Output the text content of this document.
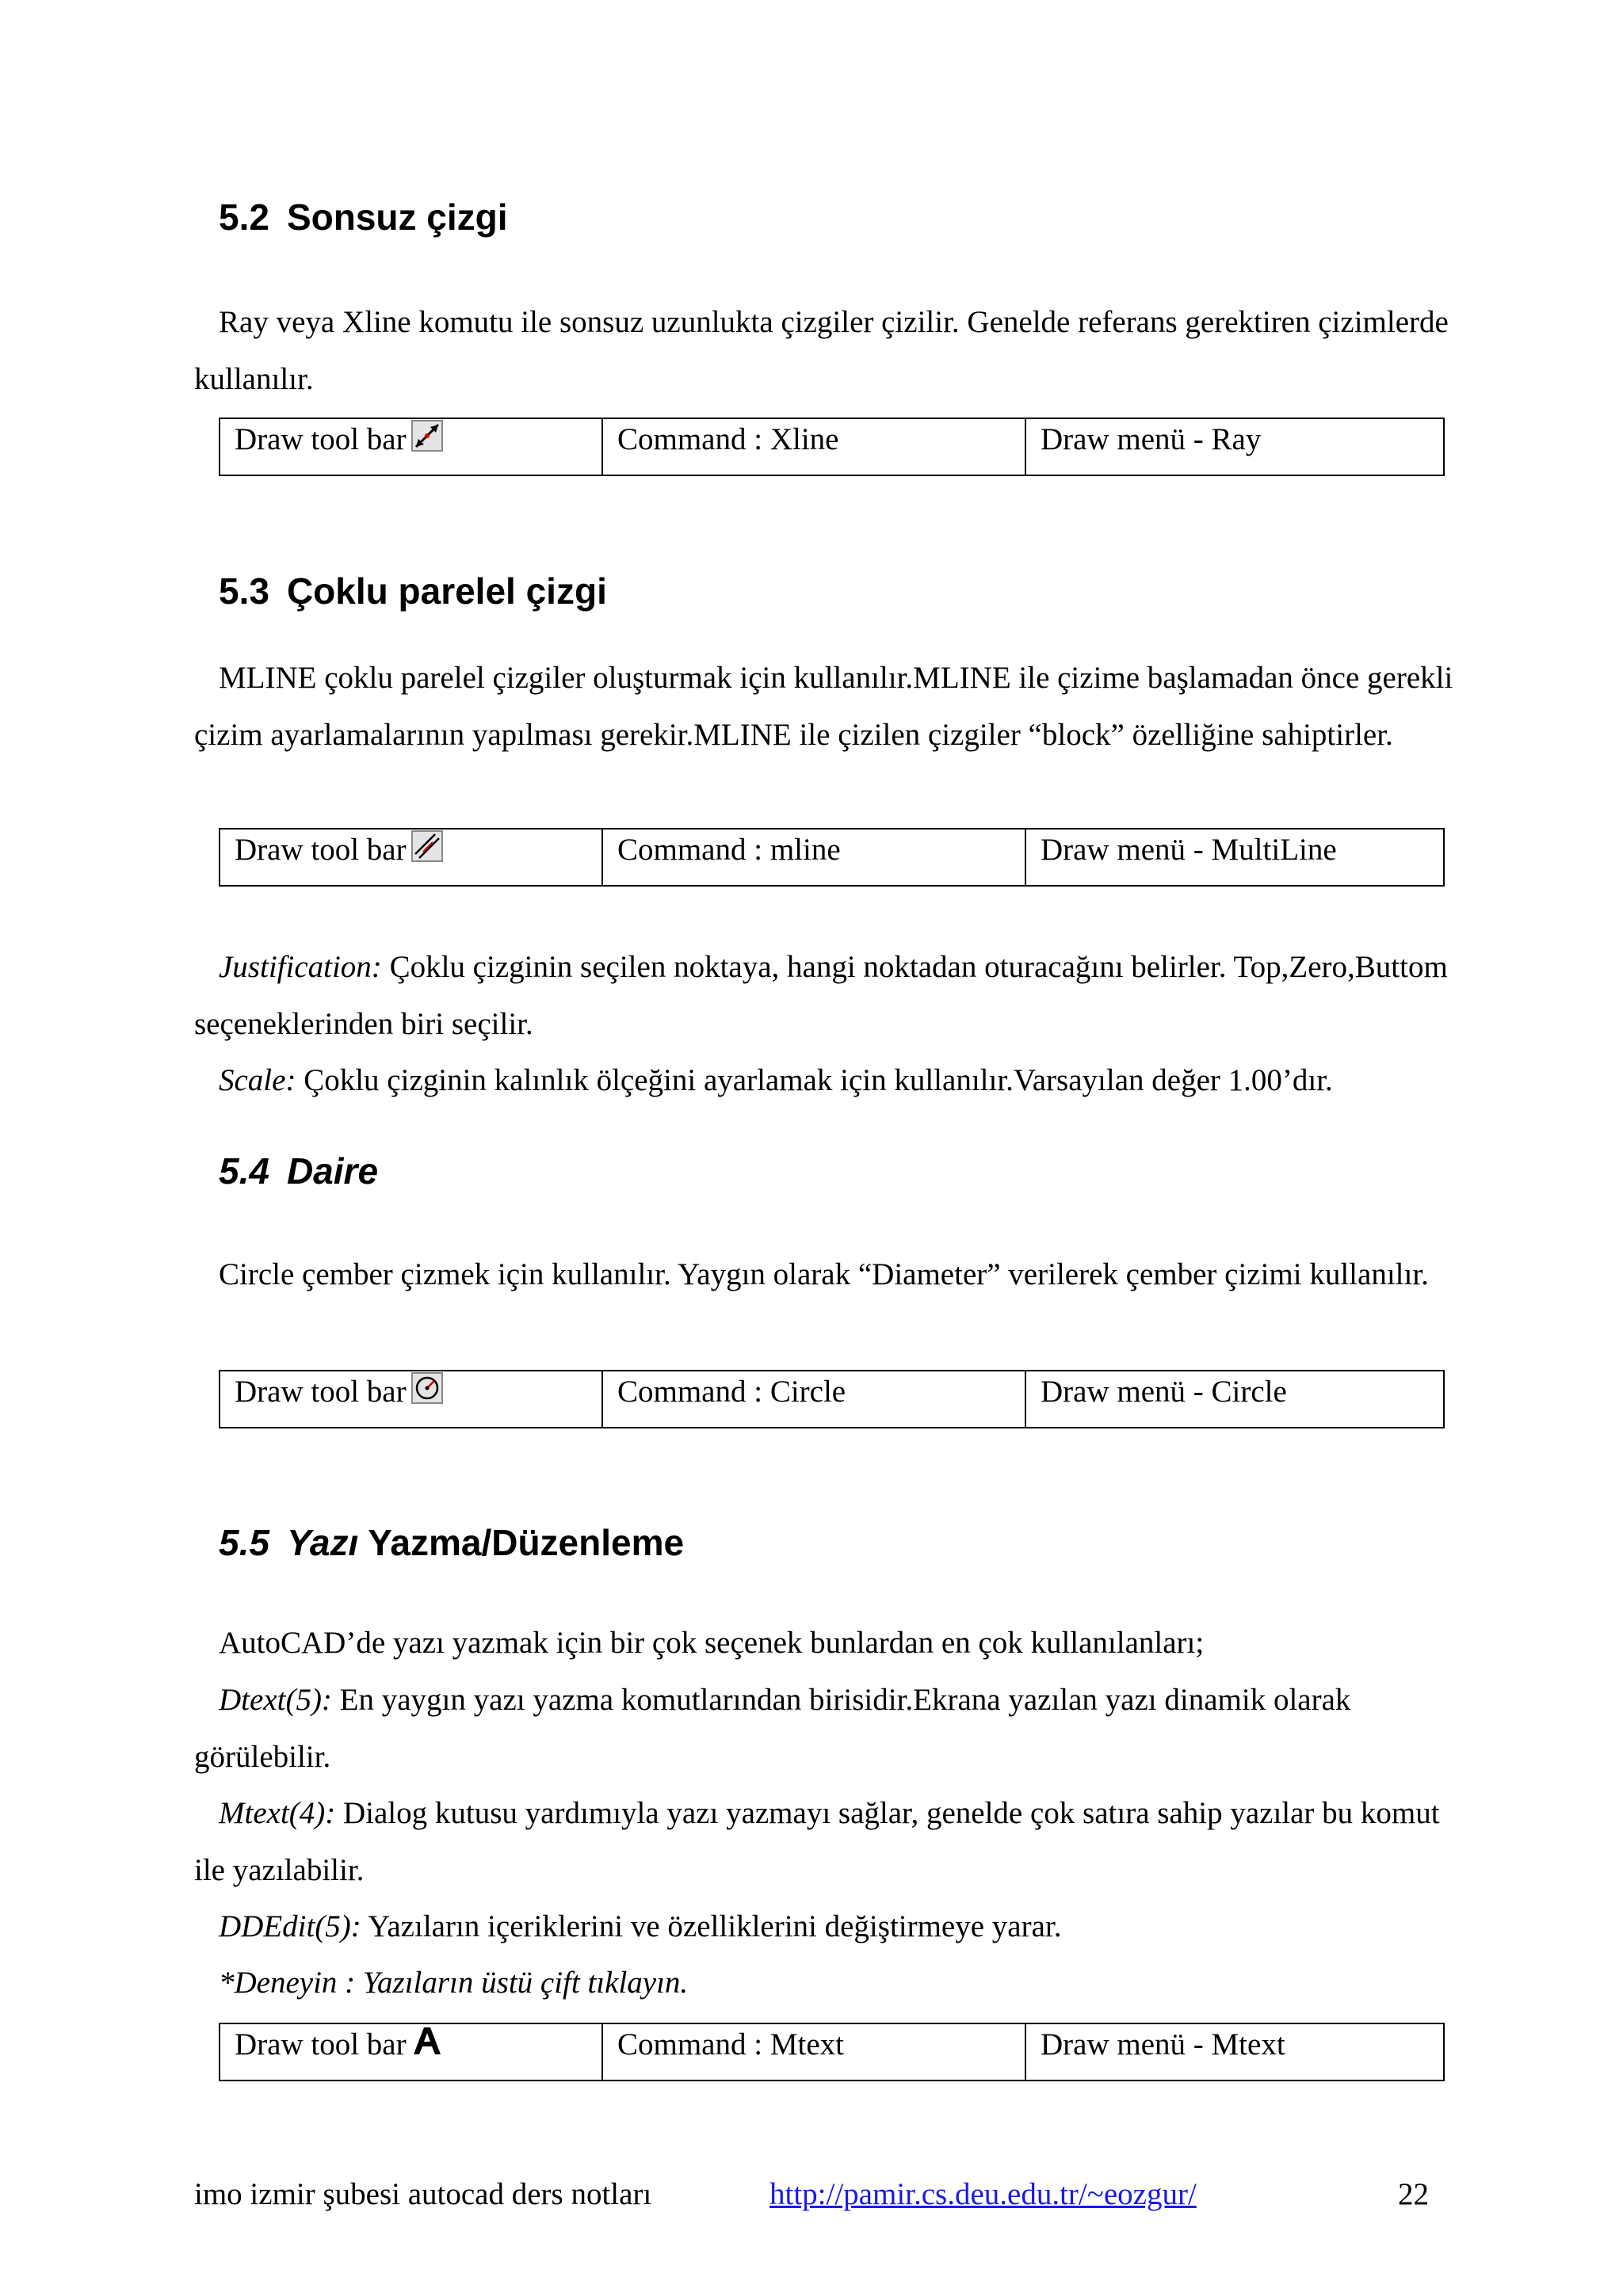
5.2 Sonsuz çizgi

Ray veya Xline komutu ile sonsuz uzunlukta çizgiler çizilir. Genelde referans gerektiren çizimlerde kullanılır.

Draw tool bar	Command : Xline	Draw menü - Ray
5.3 Çoklu parelel çizgi

MLINE çoklu parelel çizgiler oluşturmak için kullanılır.MLINE ile çizime başlamadan önce gerekli çizim ayarlamalarının yapılması gerekir.MLINE ile çizilen çizgiler “block” özelliğine sahiptirler.

Draw tool bar	Command : mline	Draw menü - MultiLine

Justification: Çoklu çizginin seçilen noktaya, hangi noktadan oturacağını belirler. Top,Zero,Buttom seçeneklerinden biri seçilir.

Scale: Çoklu çizginin kalınlık ölçeğini ayarlamak için kullanılır.Varsayılan değer 1.00’dır.

5.4 Daire

Circle çember çizmek için kullanılır. Yaygın olarak “Diameter” verilerek çember çizimi kullanılır.

Draw tool bar	Command : Circle	Draw menü - Circle
5.5 Yazı Yazma/Düzenleme

AutoCAD’de yazı yazmak için bir çok seçenek bunlardan en çok kullanılanları;

Dtext(5): En yaygın yazı yazma komutlarından birisidir.Ekrana yazılan yazı dinamik olarak görülebilir.

Mtext(4): Dialog kutusu yardımıyla yazı yazmayı sağlar, genelde çok satıra sahip yazılar bu komut ile yazılabilir.

DDEdit(5): Yazıların içeriklerini ve özelliklerini değiştirmeye yarar.

*Deneyin : Yazıların üstü çift tıklayın.

Draw tool bar	Command : Mtext	Draw menü - Mtext
imo izmir şubesi autocad ders notları	http://pamir.cs.deu.edu.tr/~eozgur/	22
